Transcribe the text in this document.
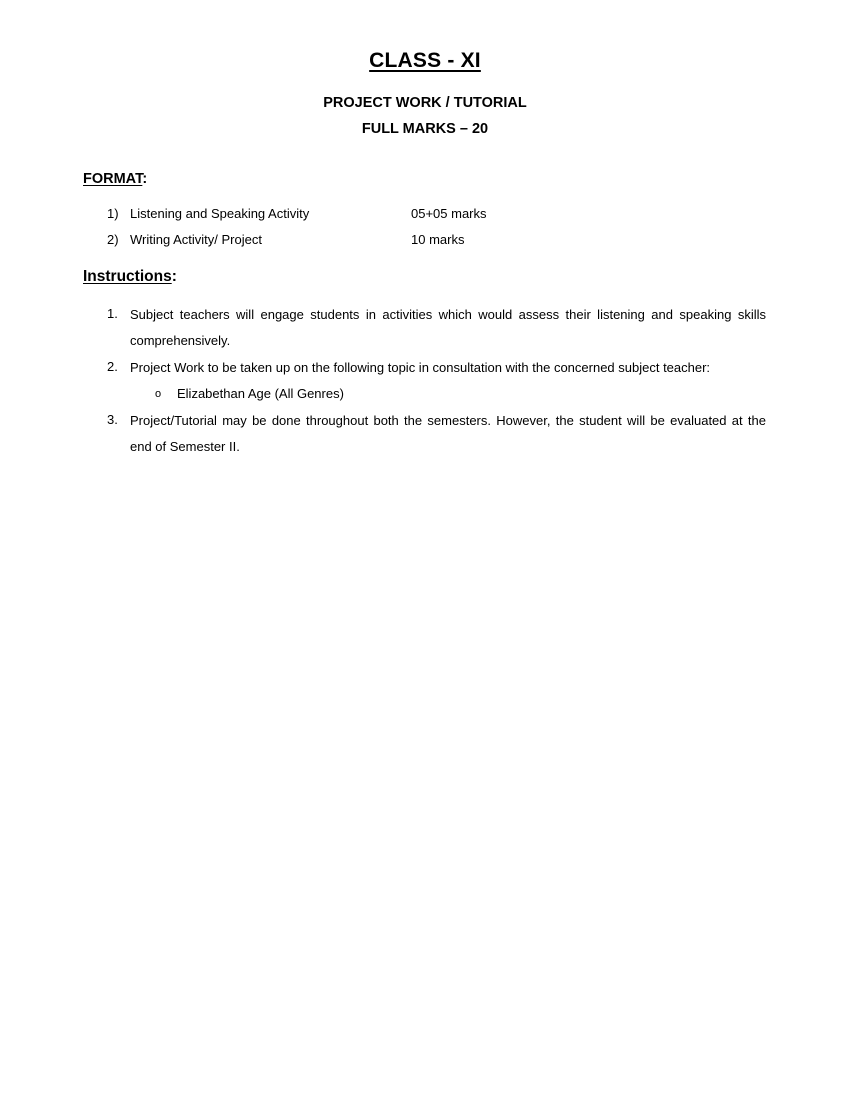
CLASS - XI
PROJECT WORK / TUTORIAL
FULL MARKS – 20
FORMAT:
1) Listening and Speaking Activity	05+05 marks
2) Writing Activity/ Project	10 marks
Instructions:
1. Subject teachers will engage students in activities which would assess their listening and speaking skills comprehensively.
2. Project Work to be taken up on the following topic in consultation with the concerned subject teacher:
o Elizabethan Age (All Genres)
3. Project/Tutorial may be done throughout both the semesters. However, the student will be evaluated at the end of Semester II.
